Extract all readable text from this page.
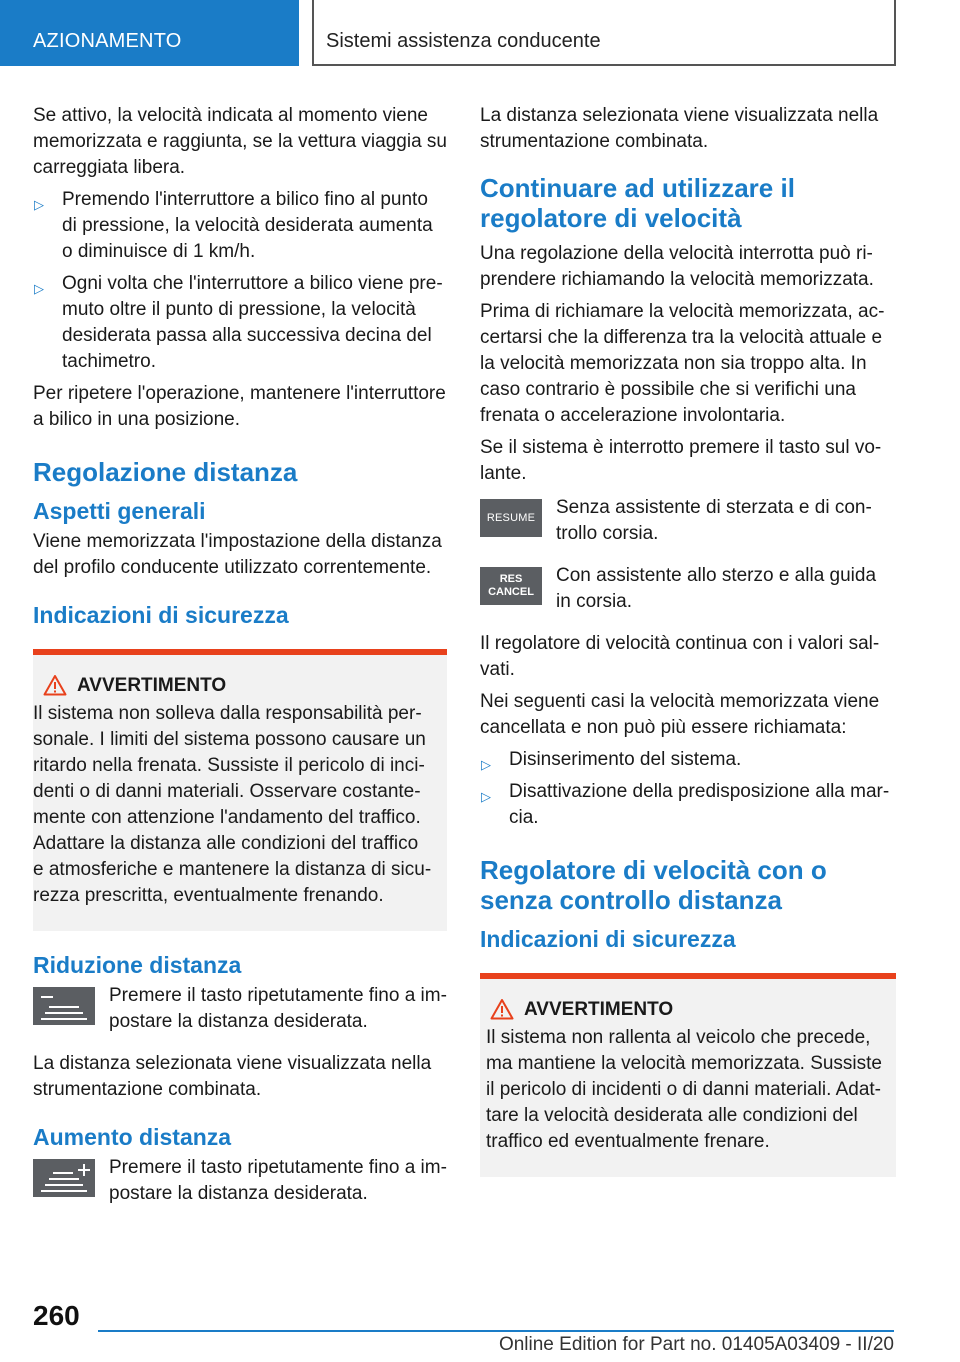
AZIONAMENTO	Sistemi assistenza conducente

Se attivo, la velocità indicata al momento viene memorizzata e raggiunta, se la vettura viaggia su carreggiata libera.

▷ Premendo l'interruttore a bilico fino al punto di pressione, la velocità desiderata aumenta o diminuisce di 1 km/h.
▷ Ogni volta che l'interruttore a bilico viene pre‐muto oltre il punto di pressione, la velocità desiderata passa alla successiva decina del tachimetro.

Per ripetere l'operazione, mantenere l'interruttore a bilico in una posizione.

Regolazione distanza
Aspetti generali

Viene memorizzata l'impostazione della distanza del profilo conducente utilizzato correntemente.

Indicazioni di sicurezza
AVVERTIMENTO
Il sistema non solleva dalla responsabilità per‐sonale. I limiti del sistema possono causare un ritardo nella frenata. Sussiste il pericolo di inci‐denti o di danni materiali. Osservare costante‐mente con attenzione l'andamento del traffico. Adattare la distanza alle condizioni del traffico e atmosferiche e mantenere la distanza di sicu‐rezza prescritta, eventualmente frenando.
Riduzione distanza
Premere il tasto ripetutamente fino a im‐postare la distanza desiderata.

La distanza selezionata viene visualizzata nella strumentazione combinata.

Aumento distanza
Premere il tasto ripetutamente fino a im‐postare la distanza desiderata.

La distanza selezionata viene visualizzata nella strumentazione combinata.

Continuare ad utilizzare il regolatore di velocità

Una regolazione della velocità interrotta può ri‐prendere richiamando la velocità memorizzata.

Prima di richiamare la velocità memorizzata, ac‐certarsi che la differenza tra la velocità attuale e la velocità memorizzata non sia troppo alta. In caso contrario è possibile che si verifichi una frenata o accelerazione involontaria.

Se il sistema è interrotto premere il tasto sul vo‐lante.

RESUME	Senza assistente di sterzata e di con‐trollo corsia.
RES
CANCEL
Con assistente allo sterzo e alla guida in corsia.

Il regolatore di velocità continua con i valori sal‐vati.

Nei seguenti casi la velocità memorizzata viene cancellata e non può più essere richiamata:

▷ Disinserimento del sistema.
▷ Disattivazione della predisposizione alla mar‐cia.
Regolatore di velocità con o senza controllo distanza
Indicazioni di sicurezza
AVVERTIMENTO
Il sistema non rallenta al veicolo che precede, ma mantiene la velocità memorizzata. Sussiste il pericolo di incidenti o di danni materiali. Adat‐tare la velocità desiderata alle condizioni del traffico ed eventualmente frenare.
260
Online Edition for Part no. 01405A03409 - II/20
